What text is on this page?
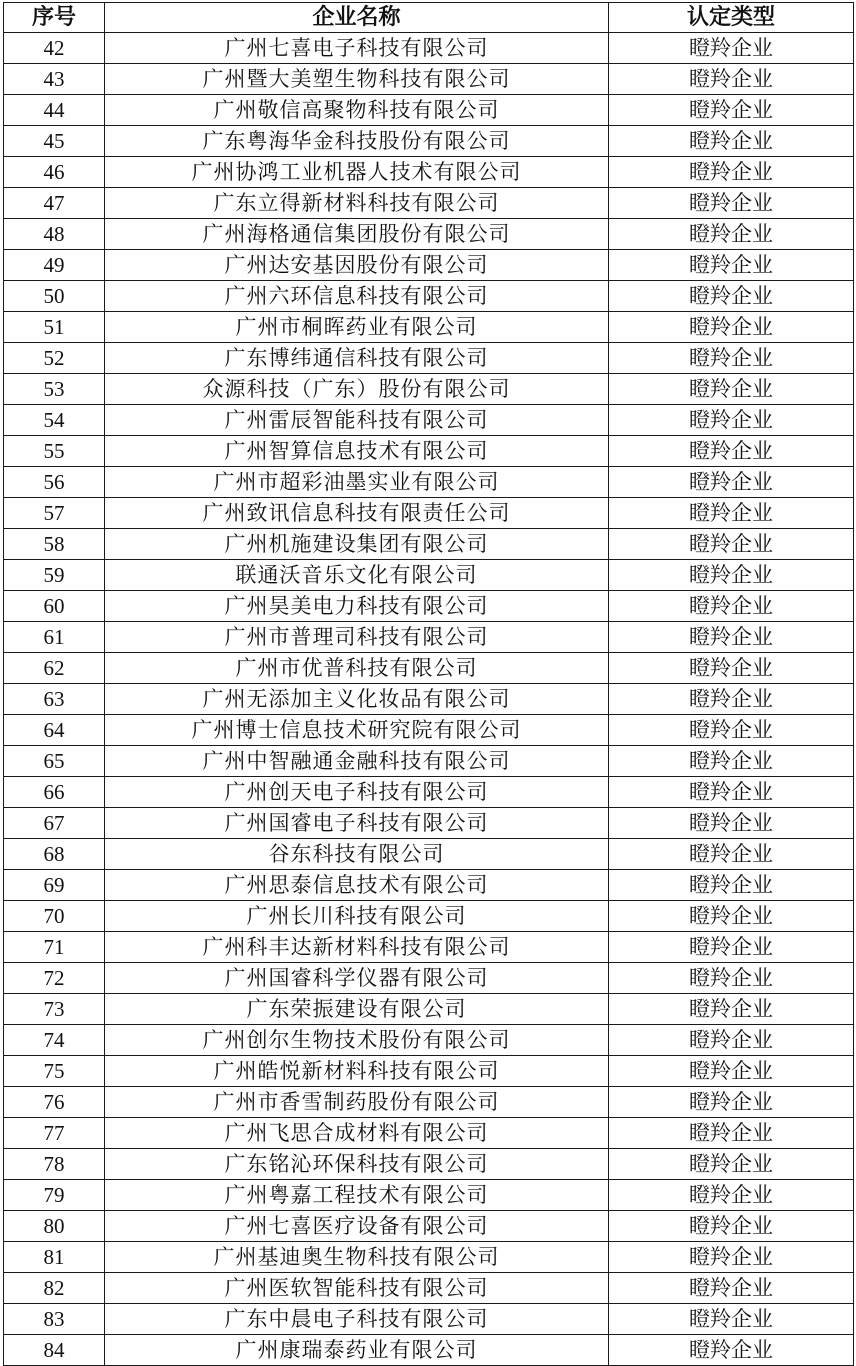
序号	企业名称	认定类型
42	广州七喜电子科技有限公司	瞪羚企业
43	广州暨大美塑生物科技有限公司	瞪羚企业
44	广州敬信高聚物科技有限公司	瞪羚企业
45	广东粤海华金科技股份有限公司	瞪羚企业
46	广州协鸿工业机器人技术有限公司	瞪羚企业
47	广东立得新材料科技有限公司	瞪羚企业
48	广州海格通信集团股份有限公司	瞪羚企业
49	广州达安基因股份有限公司	瞪羚企业
50	广州六环信息科技有限公司	瞪羚企业
51	广州市桐晖药业有限公司	瞪羚企业
52	广东博纬通信科技有限公司	瞪羚企业
53	众源科技（广东）股份有限公司	瞪羚企业
54	广州雷辰智能科技有限公司	瞪羚企业
55	广州智算信息技术有限公司	瞪羚企业
56	广州市超彩油墨实业有限公司	瞪羚企业
57	广州致讯信息科技有限责任公司	瞪羚企业
58	广州机施建设集团有限公司	瞪羚企业
59	联通沃音乐文化有限公司	瞪羚企业
60	广州昊美电力科技有限公司	瞪羚企业
61	广州市普理司科技有限公司	瞪羚企业
62	广州市优普科技有限公司	瞪羚企业
63	广州无添加主义化妆品有限公司	瞪羚企业
64	广州博士信息技术研究院有限公司	瞪羚企业
65	广州中智融通金融科技有限公司	瞪羚企业
66	广州创天电子科技有限公司	瞪羚企业
67	广州国睿电子科技有限公司	瞪羚企业
68	谷东科技有限公司	瞪羚企业
69	广州思泰信息技术有限公司	瞪羚企业
70	广州长川科技有限公司	瞪羚企业
71	广州科丰达新材料科技有限公司	瞪羚企业
72	广州国睿科学仪器有限公司	瞪羚企业
73	广东荣振建设有限公司	瞪羚企业
74	广州创尔生物技术股份有限公司	瞪羚企业
75	广州皓悦新材料科技有限公司	瞪羚企业
76	广州市香雪制药股份有限公司	瞪羚企业
77	广州飞思合成材料有限公司	瞪羚企业
78	广东铭沁环保科技有限公司	瞪羚企业
79	广州粤嘉工程技术有限公司	瞪羚企业
80	广州七喜医疗设备有限公司	瞪羚企业
81	广州基迪奥生物科技有限公司	瞪羚企业
82	广州医软智能科技有限公司	瞪羚企业
83	广东中晨电子科技有限公司	瞪羚企业
84	广州康瑞泰药业有限公司	瞪羚企业
